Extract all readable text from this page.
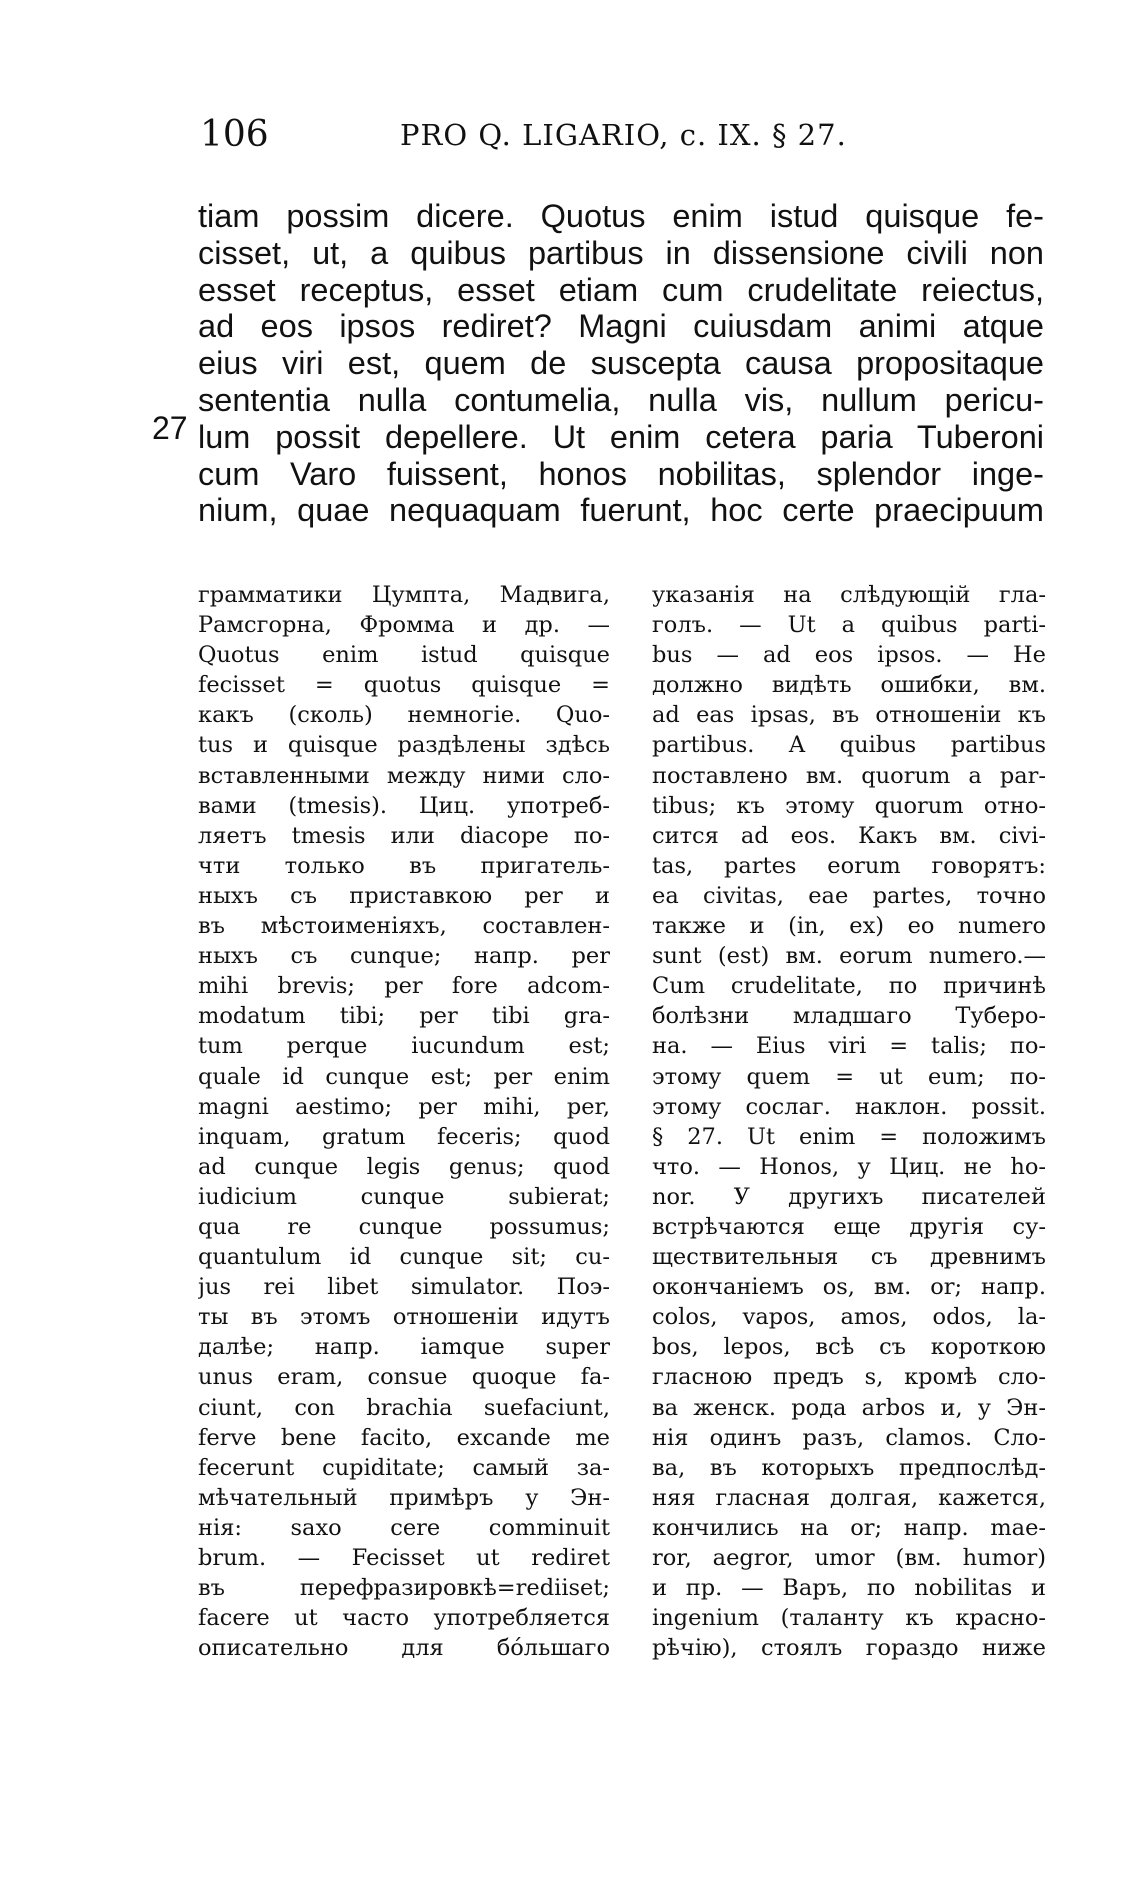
106	PRO Q. LIGARIO, c. IX. § 27.
27
tiam possim dicere. Quotus enim istud quisque fe-
cisset, ut, a quibus partibus in dissensione civili non
esset receptus, esset etiam cum crudelitate reiectus,
ad eos ipsos rediret? Magni cuiusdam animi atque
eius viri est, quem de suscepta causa propositaque
sententia nulla contumelia, nulla vis, nullum pericu-
lum possit depellere. Ut enim cetera paria Tuberoni
cum Varo fuissent, honos nobilitas, splendor inge-
nium, quae nequaquam fuerunt, hoc certe praecipuum
грамматики Цумпта, Мадвига,
Рамсгорна, Фромма и др. —
Quotus enim istud quisque
fecisset = quotus quisque =
какъ (сколь) немногіе. Quo-
tus и quisque раздѣлены здѣсь
вставленными между ними сло-
вами (tmesis). Циц. употреб-
ляетъ tmesis или diacope по-
чти только въ пригатель-
ныхъ съ приставкою per и
въ мѣстоименіяхъ, составлен-
ныхъ съ cunque; напр. per
mihi brevis; per fore adcom-
modatum tibi; per tibi gra-
tum perque iucundum est;
quale id cunque est; per enim
magni aestimo; per mihi, per,
inquam, gratum feceris; quod
ad cunque legis genus; quod
iudicium cunque subierat;
qua re cunque possumus;
quantulum id cunque sit; cu-
jus rei libet simulator. Поэ-
ты въ этомъ отношеніи идутъ
далѣе; напр. iamque super
unus eram, consue quoque fa-
ciunt, con brachia suefaciunt,
ferve bene facito, excande me
fecerunt cupiditate; самый за-
мѣчательный примѣръ у Эн-
нія: saxo cere comminuit
brum. — Fecisset ut rediret
въ перефразировкѣ=rediiset;
facere ut часто употребляется
описательно для бóльшаго
указанія на слѣдующій гла-
голъ. — Ut a quibus parti-
bus — ad eos ipsos. — Не
должно видѣть ошибки, вм.
ad eas ipsas, въ отношеніи къ
partibus. A quibus partibus
поставлено вм. quorum a par-
tibus; къ этому quorum отно-
сится ad eos. Какъ вм. civi-
tas, partes eorum говорятъ:
ea civitas, eae partes, точно
также и (in, ex) eo numero
sunt (est) вм. eorum numero.—
Cum crudelitate, по причинѣ
болѣзни младшаго Туберо-
на. — Eius viri = talis; по-
этому quem = ut eum; по-
этому сослаг. наклон. possit.
§ 27. Ut enim = положимъ
что. — Honos, у Циц. не ho-
nor. У другихъ писателей
встрѣчаются еще другія су-
ществительныя съ древнимъ
окончаніемъ os, вм. or; напр.
colos, vapos, amos, odos, la-
bos, lepos, всѣ съ короткою
гласною предъ s, кромѣ сло-
ва женск. рода arbos и, у Эн-
нія одинъ разъ, clamos. Сло-
ва, въ которыхъ предпослѣд-
няя гласная долгая, кажется,
кончились на or; напр. mae-
ror, aegror, umor (вм. humor)
и пр. — Варъ, по nobilitas и
ingenium (таланту къ красно-
рѣчію), стоялъ гораздо ниже
